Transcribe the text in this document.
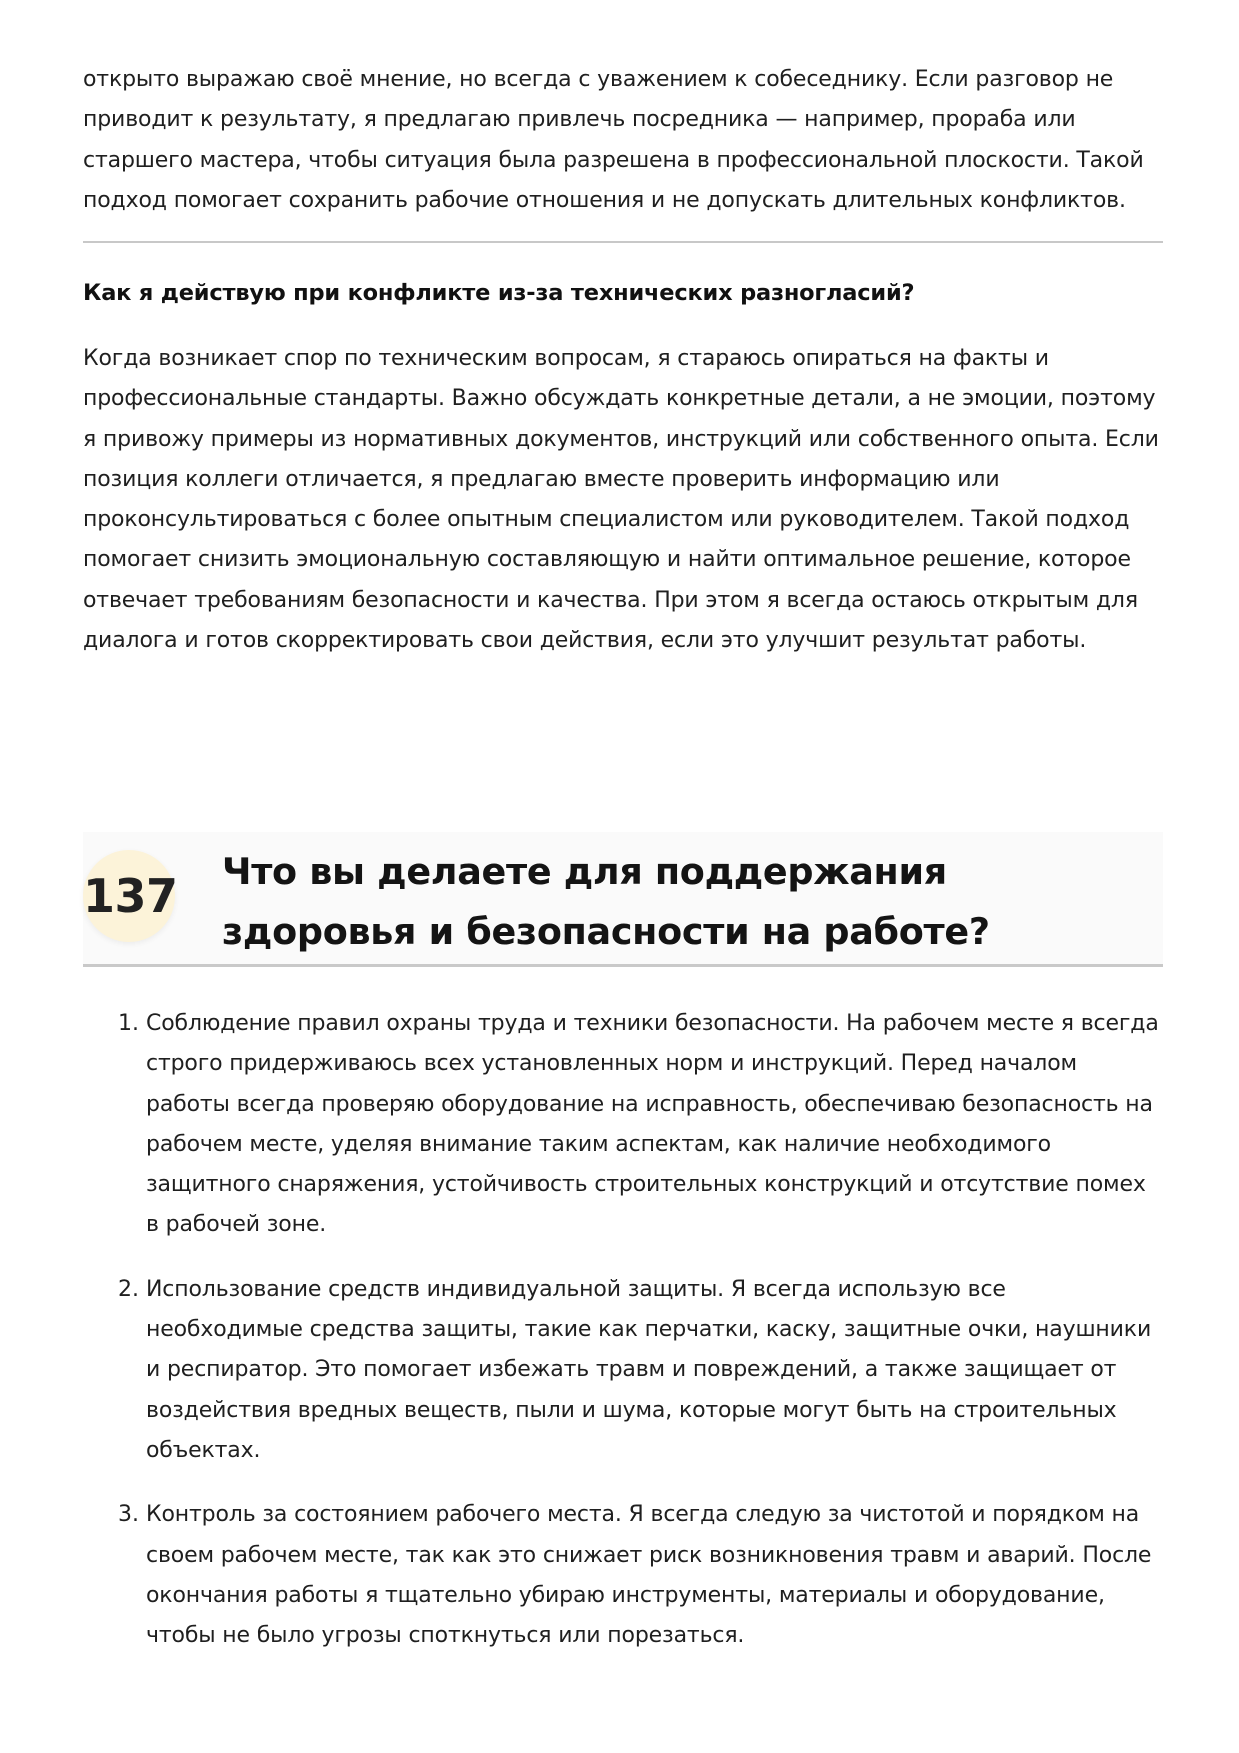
открыто выражаю своё мнение, но всегда с уважением к собеседнику. Если разговор не приводит к результату, я предлагаю привлечь посредника — например, прораба или старшего мастера, чтобы ситуация была разрешена в профессиональной плоскости. Такой подход помогает сохранить рабочие отношения и не допускать длительных конфликтов.

Как я действую при конфликте из-за технических разногласий?

Когда возникает спор по техническим вопросам, я стараюсь опираться на факты и профессиональные стандарты. Важно обсуждать конкретные детали, а не эмоции, поэтому я привожу примеры из нормативных документов, инструкций или собственного опыта. Если позиция коллеги отличается, я предлагаю вместе проверить информацию или проконсультироваться с более опытным специалистом или руководителем. Такой подход помогает снизить эмоциональную составляющую и найти оптимальное решение, которое отвечает требованиям безопасности и качества. При этом я всегда остаюсь открытым для диалога и готов скорректировать свои действия, если это улучшит результат работы.

137 Что вы делаете для поддержания здоровья и безопасности на работе?
1. Соблюдение правил охраны труда и техники безопасности. На рабочем месте я всегда строго придерживаюсь всех установленных норм и инструкций. Перед началом работы всегда проверяю оборудование на исправность, обеспечиваю безопасность на рабочем месте, уделяя внимание таким аспектам, как наличие необходимого защитного снаряжения, устойчивость строительных конструкций и отсутствие помех в рабочей зоне.

2. Использование средств индивидуальной защиты. Я всегда использую все необходимые средства защиты, такие как перчатки, каску, защитные очки, наушники и респиратор. Это помогает избежать травм и повреждений, а также защищает от воздействия вредных веществ, пыли и шума, которые могут быть на строительных объектах.

3. Контроль за состоянием рабочего места. Я всегда следую за чистотой и порядком на своем рабочем месте, так как это снижает риск возникновения травм и аварий. После окончания работы я тщательно убираю инструменты, материалы и оборудование, чтобы не было угрозы споткнуться или порезаться.
